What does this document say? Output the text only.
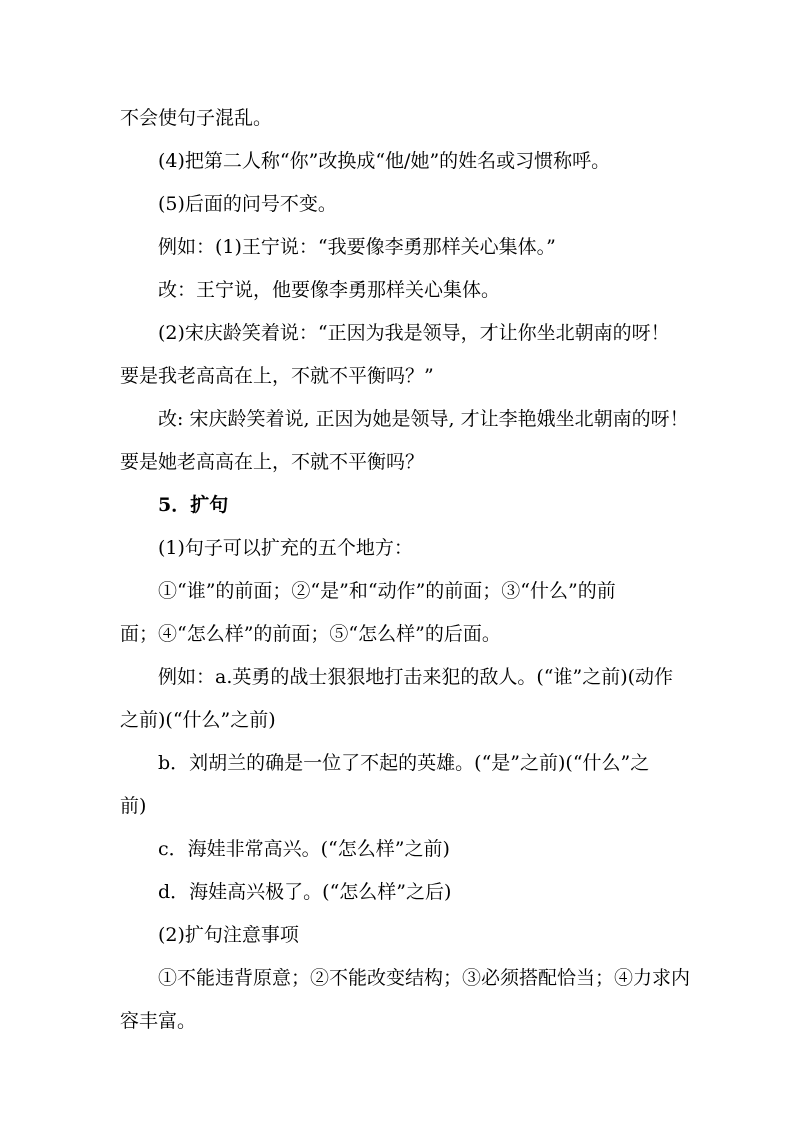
不会使句子混乱。
(4)把第二人称“你”改换成“他/她”的姓名或习惯称呼。
(5)后面的问号不变。
例如：(1)王宁说：“我要像李勇那样关心集体。”
改：王宁说，他要像李勇那样关心集体。
(2)宋庆龄笑着说：“正因为我是领导，才让你坐北朝南的呀！
要是我老高高在上，不就不平衡吗？”
改: 宋庆龄笑着说, 正因为她是领导, 才让李艳娥坐北朝南的呀！
要是她老高高在上，不就不平衡吗？
5．扩句
(1)句子可以扩充的五个地方：
①“谁”的前面；②“是”和“动作”的前面；③“什么”的前
面；④“怎么样”的前面；⑤“怎么样”的后面。
例如：a.英勇的战士狠狠地打击来犯的敌人。(“谁”之前)(动作
之前)(“什么”之前)
b．刘胡兰的确是一位了不起的英雄。(“是”之前)(“什么”之
前)
c．海娃非常高兴。(“怎么样”之前)
d．海娃高兴极了。(“怎么样”之后)
(2)扩句注意事项
①不能违背原意；②不能改变结构；③必须搭配恰当；④力求内
容丰富。
